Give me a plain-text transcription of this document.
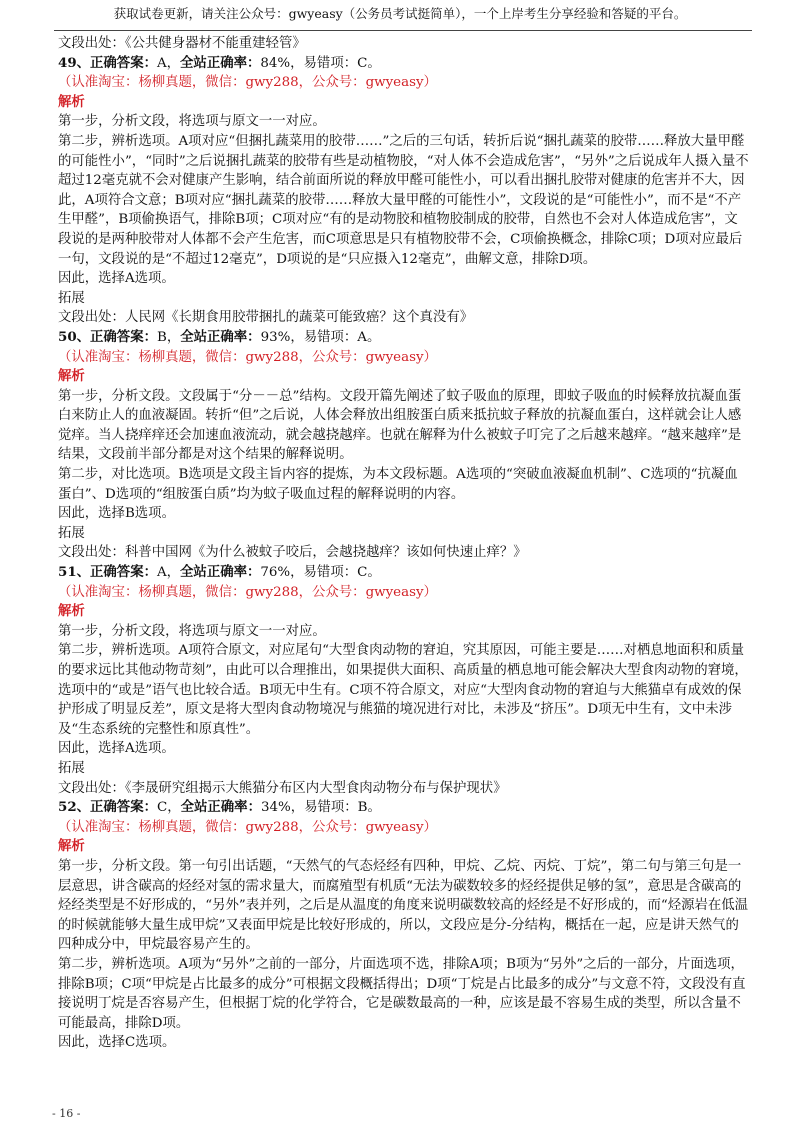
获取试卷更新，请关注公众号：gwyeasy（公务员考试挺简单），一个上岸考生分享经验和答疑的平台。

文段出处：《公共健身器材不能重建轻管》

49、正确答案：A，全站正确率：84%，易错项：C。（认准淘宝：杨柳真题，微信：gwy288，公众号：gwyeasy）

解析

第一步，分析文段，将选项与原文一一对应。

第二步，辨析选项。A项对应“但捆扎蔬菜用的胶带……”之后的三句话，转折后说“捆扎蔬菜的胶带……释放大量甲醛的可能性小”，“同时”之后说捆扎蔬菜的胶带有些是动植物胶，“对人体不会造成危害”，“另外”之后说成年人摄入量不超过12毫克就不会对健康产生影响，结合前面所说的释放甲醛可能性小，可以看出捆扎胶带对健康的危害并不大，因此，A项符合文意；B项对应“捆扎蔬菜的胶带……释放大量甲醛的可能性小”，文段说的是“可能性小”，而不是“不产生甲醛”，B项偷换语气，排除B项；C项对应“有的是动物胶和植物胶制成的胶带，自然也不会对人体造成危害”，文段说的是两种胶带对人体都不会产生危害，而C项意思是只有植物胶带不会，C项偷换概念，排除C项；D项对应最后一句，文段说的是“不超过12毫克”，D项说的是“只应摄入12毫克”，曲解文意，排除D项。

因此，选择A选项。

拓展

文段出处：人民网《长期食用胶带捆扎的蔬菜可能致癌？这个真没有》

50、正确答案：B，全站正确率：93%，易错项：A。（认准淘宝：杨柳真题，微信：gwy288，公众号：gwyeasy）

解析

第一步，分析文段。文段属于“分－－总”结构。文段开篇先阐述了蚊子吸血的原理，即蚊子吸血的时候释放抗凝血蛋白来防止人的血液凝固。转折“但”之后说，人体会释放出组胺蛋白质来抵抗蚊子释放的抗凝血蛋白，这样就会让人感觉痒。当人挠痒痒还会加速血液流动，就会越挠越痒。也就在解释为什么被蚊子叮完了之后越来越痒。“越来越痒”是结果，文段前半部分都是对这个结果的解释说明。

第二步，对比选项。B选项是文段主旨内容的提炼，为本文段标题。A选项的“突破血液凝血机制”、C选项的“抗凝血蛋白”、D选项的“组胺蛋白质”均为蚊子吸血过程的解释说明的内容。

因此，选择B选项。

拓展

文段出处：科普中国网《为什么被蚊子咬后，会越挠越痒？该如何快速止痒？》

51、正确答案：A，全站正确率：76%，易错项：C。（认准淘宝：杨柳真题，微信：gwy288，公众号：gwyeasy）

解析

第一步，分析文段，将选项与原文一一对应。

第二步，辨析选项。A项符合原文，对应尾句“大型食肉动物的窘迫，究其原因，可能主要是……对栖息地面积和质量的要求远比其他动物苛刻”，由此可以合理推出，如果提供大面积、高质量的栖息地可能会解决大型食肉动物的窘境，选项中的“或是”语气也比较合适。B项无中生有。C项不符合原文，对应“大型肉食动物的窘迫与大熊猫卓有成效的保护形成了明显反差”，原文是将大型肉食动物境况与熊猫的境况进行对比，未涉及“挤压”。D项无中生有，文中未涉及“生态系统的完整性和原真性”。

因此，选择A选项。

拓展

文段出处：《李晟研究组揭示大熊猫分布区内大型食肉动物分布与保护现状》

52、正确答案：C，全站正确率：34%，易错项：B。（认准淘宝：杨柳真题，微信：gwy288，公众号：gwyeasy）

解析

第一步，分析文段。第一句引出话题，“天然气的气态烃经有四种，甲烷、乙烷、丙烷、丁烷”，第二句与第三句是一层意思，讲含碳高的烃经对氢的需求量大，而腐殖型有机质“无法为碳数较多的烃经提供足够的氢”，意思是含碳高的烃经类型是不好形成的，“另外”表并列，之后是从温度的角度来说明碳数较高的烃经是不好形成的，而“烃源岩在低温的时候就能够大量生成甲烷”又表面甲烷是比较好形成的，所以，文段应是分-分结构，概括在一起，应是讲天然气的四种成分中，甲烷最容易产生的。

第二步，辨析选项。A项为“另外”之前的一部分，片面选项不选，排除A项；B项为“另外”之后的一部分，片面选项，排除B项；C项“甲烷是占比最多的成分”可根据文段概括得出；D项“丁烷是占比最多的成分”与文意不符，文段没有直接说明丁烷是否容易产生，但根据丁烷的化学符合，它是碳数最高的一种，应该是最不容易生成的类型，所以含量不可能最高，排除D项。

因此，选择C选项。

- 16 -
